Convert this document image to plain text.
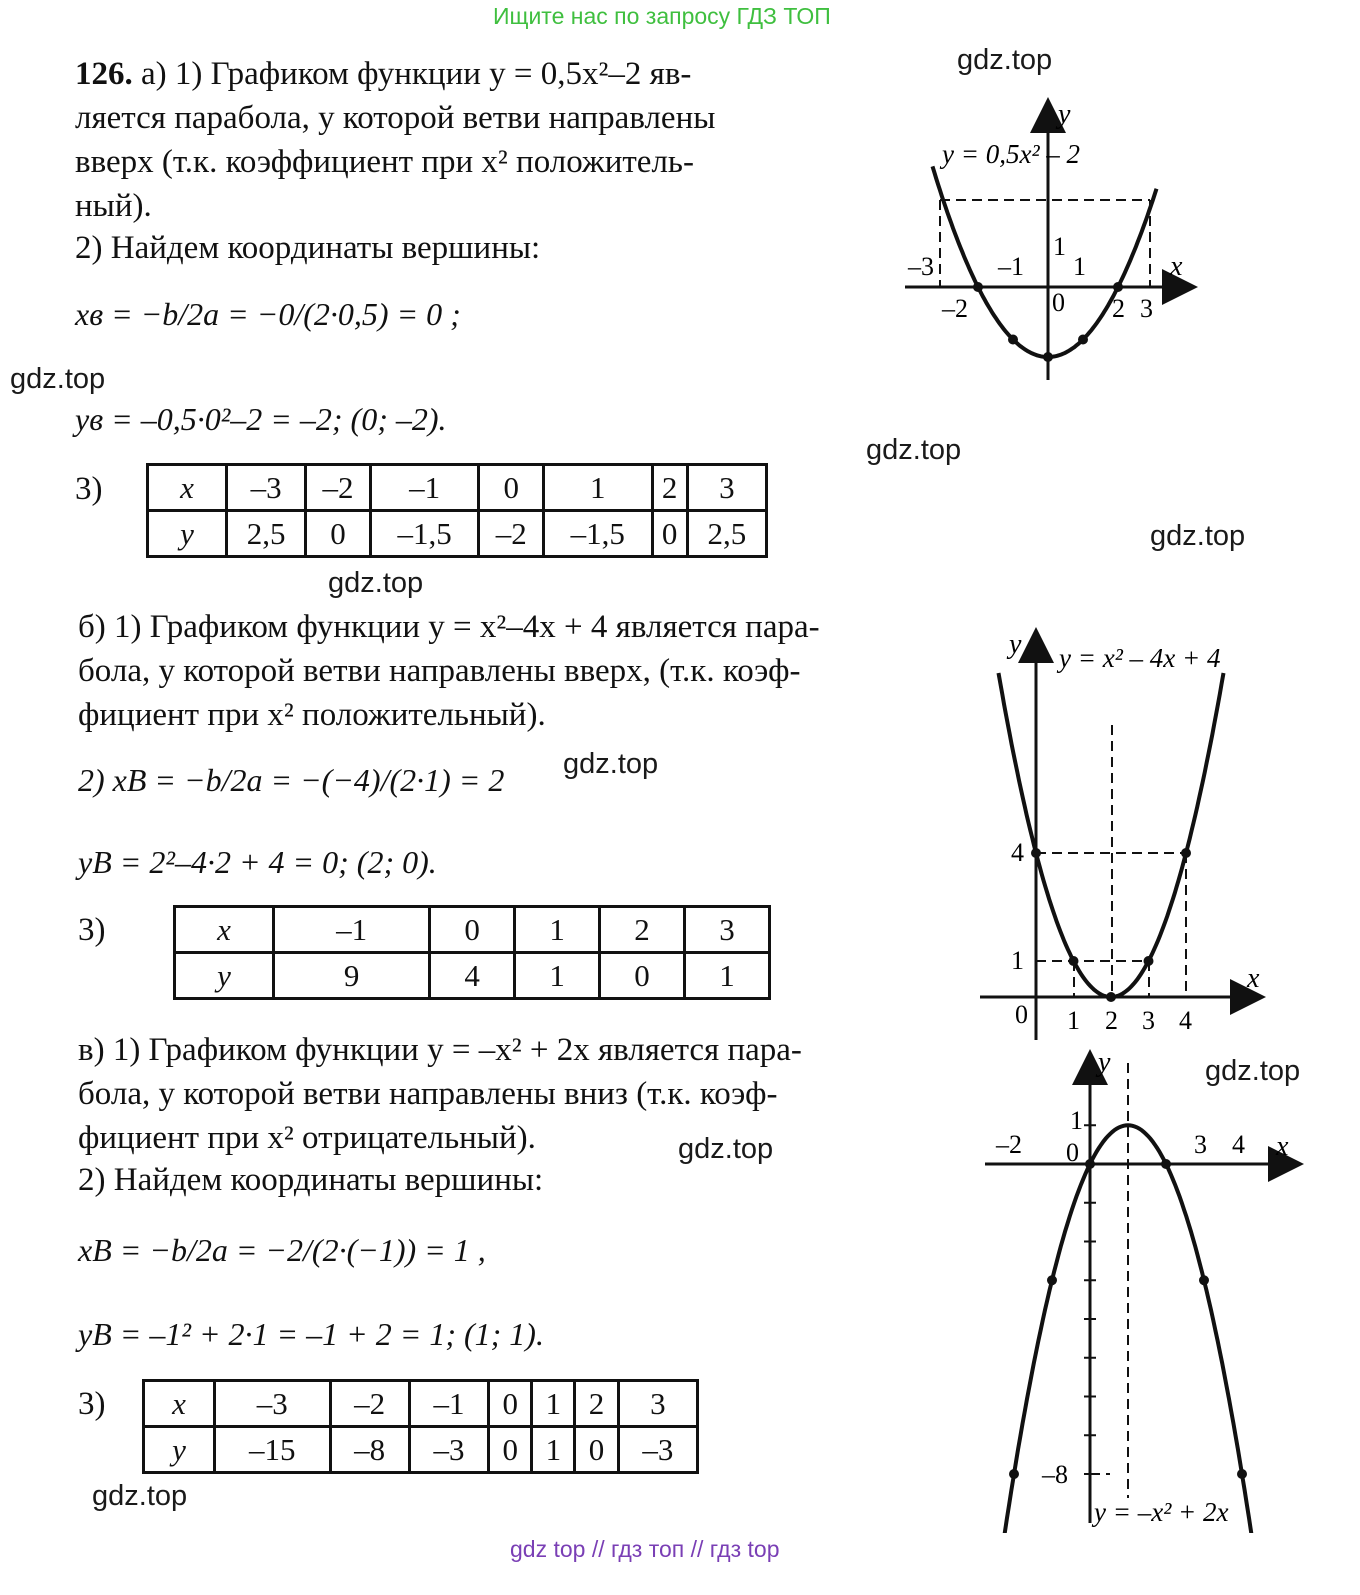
Ищите нас по запросу ГДЗ ТОП
gdz top // гдз топ // гдз top
gdz.top
gdz.top
gdz.top
gdz.top
gdz.top
gdz.top
gdz.top
gdz.top
gdz.top
126. а) 1) Графиком функции y = 0,5x²–2 яв-
ляется парабола, у которой ветви направлены
вверх (т.к. коэффициент при x² положитель-
ный).
2) Найдем координаты вершины:
xв = −b/2a = −0/(2·0,5) = 0 ;
yв = –0,5·0²–2 = –2; (0; –2).
3)	x	–3	–2	–1	0	1	2	3
y	2,5	0	–1,5	–2	–1,5	0	2,5
б) 1) Графиком функции y = x²–4x + 4 является пара-
бола, у которой ветви направлены вверх, (т.к. коэф-
фициент при x² положительный).
2) xB = −b/2a = −(−4)/(2·1) = 2
yB = 2²–4·2 + 4 = 0; (2; 0).
3)	x	–1	0	1	2	3
y	9	4	1	0	1
в) 1) Графиком функции y = –x² + 2x является пара-
бола, у которой ветви направлены вниз (т.к. коэф-
фициент при x² отрицательный).
2) Найдем координаты вершины:
xB = −b/2a = −2/(2·(−1)) = 1 ,
yB = –1² + 2·1 = –1 + 2 = 1; (1; 1).
3) x	–3	–2	–1	0	1	2	3
y	–15	–8	–3	0	1	0	–3
y = 0,5x² – 2
y
x
–3
–2
–1 1
0 2 3
1
y = x² – 4x + 4
y
x
4
1
0 1 2 3 4
y
x
–2 0
1
3 4
–8
y = –x² + 2x
